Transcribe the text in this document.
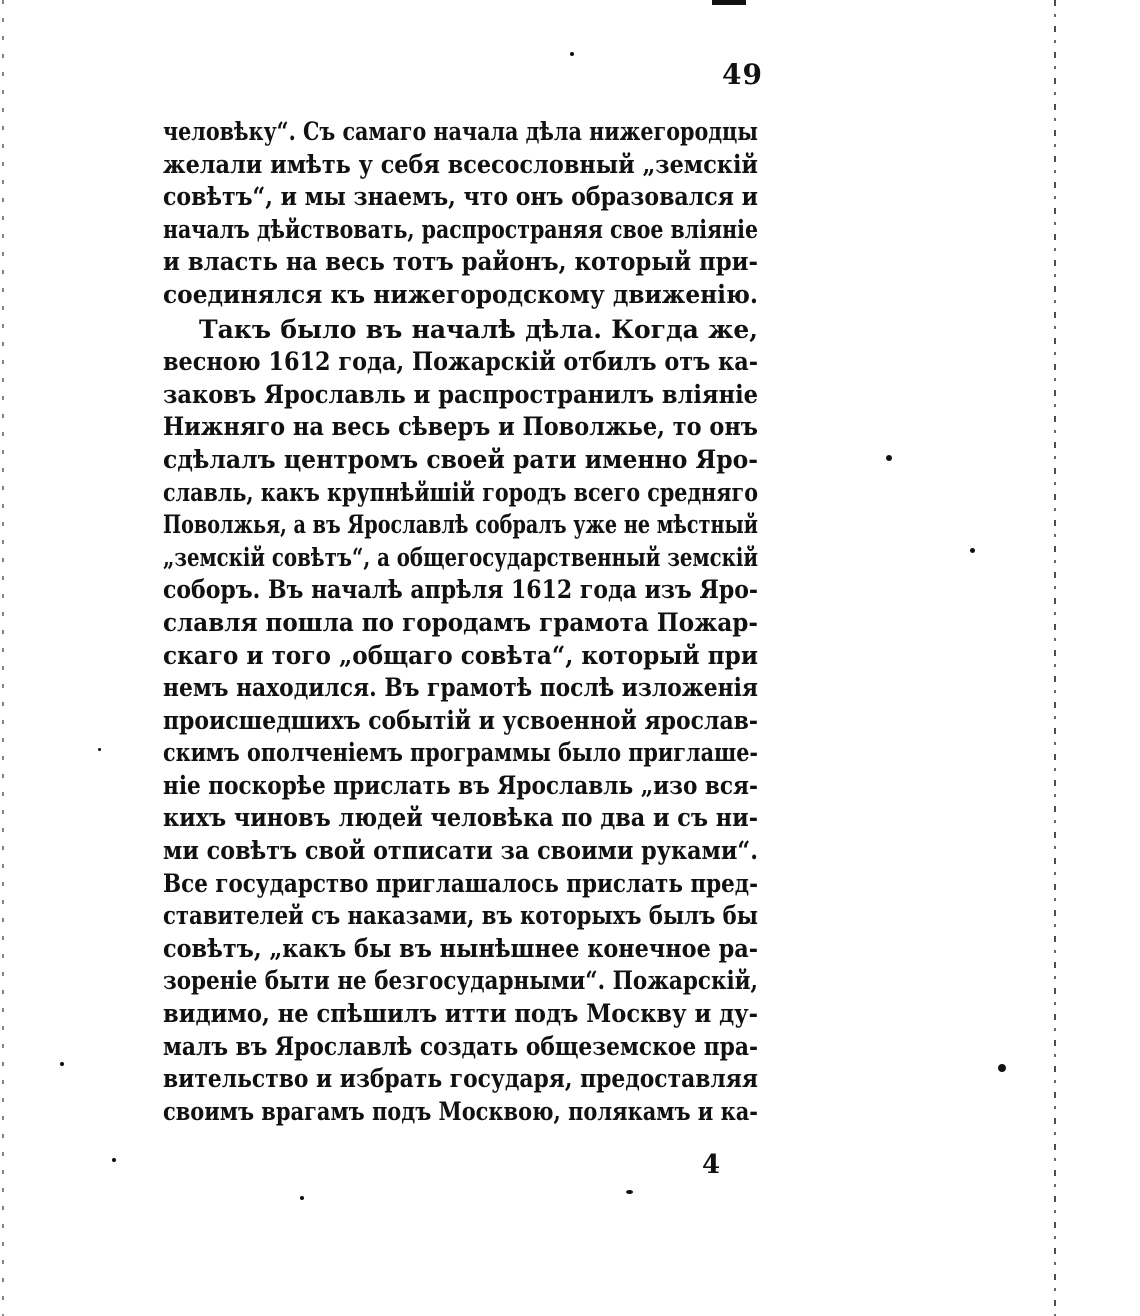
49
человѣку“. Съ самаго начала дѣла нижегородцы
желали имѣть у себя всесословный „земскій
совѣтъ“, и мы знаемъ, что онъ образовался и
началъ дѣйствовать, распространяя свое вліяніе
и власть на весь тотъ районъ, который при-
соединялся къ нижегородскому движенію.
Такъ было въ началѣ дѣла. Когда же,
весною 1612 года, Пожарскій отбилъ отъ ка-
заковъ Ярославль и распространилъ вліяніе
Нижняго на весь сѣверъ и Поволжье, то онъ
сдѣлалъ центромъ своей рати именно Яро-
славль, какъ крупнѣйшій городъ всего средняго
Поволжья, а въ Ярославлѣ собралъ уже не мѣстный
„земскій совѣтъ“, а общегосударственный земскій
соборъ. Въ началѣ апрѣля 1612 года изъ Яро-
славля пошла по городамъ грамота Пожар-
скаго и того „общаго совѣта“, который при
немъ находился. Въ грамотѣ послѣ изложенія
происшедшихъ событій и усвоенной ярослав-
скимъ ополченіемъ программы было приглаше-
ніе поскорѣе прислать въ Ярославль „изо вся-
кихъ чиновъ людей человѣка по два и съ ни-
ми совѣтъ свой отписати за своими руками“.
Все государство приглашалось прислать пред-
ставителей съ наказами, въ которыхъ былъ бы
совѣтъ, „какъ бы въ нынѣшнее конечное ра-
зореніе быти не безгосударными“. Пожарскій,
видимо, не спѣшилъ итти подъ Москву и ду-
малъ въ Ярославлѣ создать общеземское пра-
вительство и избрать государя, предоставляя
своимъ врагамъ подъ Москвою, полякамъ и ка-
4
